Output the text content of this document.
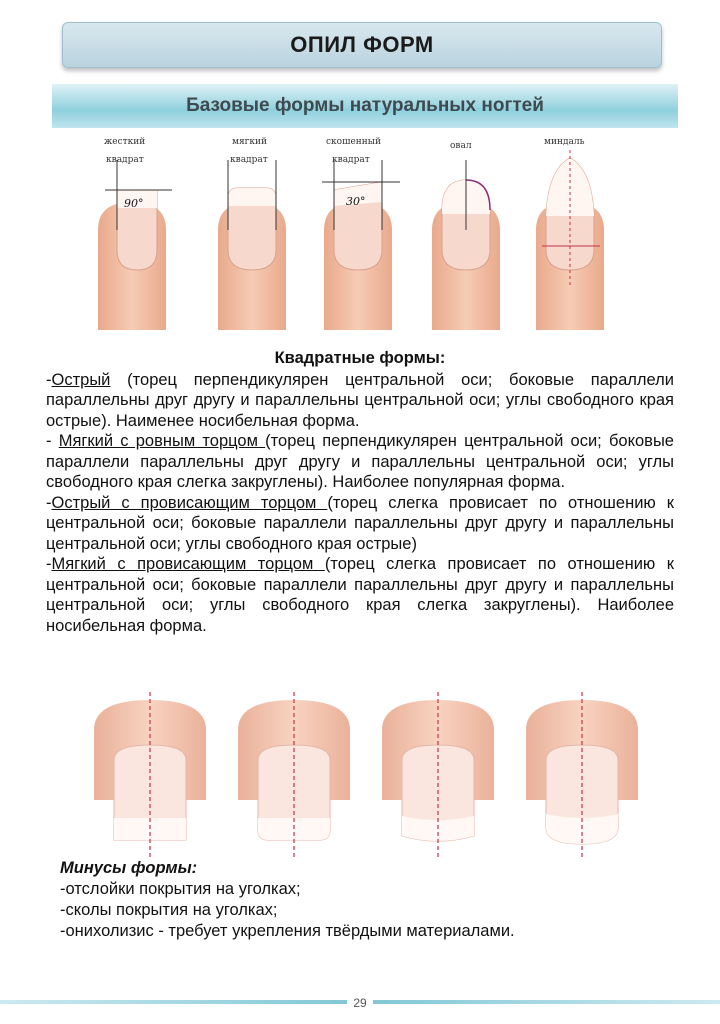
ОПИЛ ФОРМ
Базовые формы натуральных ногтей
жесткий
квадрат
90°
мягкий
квадрат
скошенный
квадрат
30°
овал	миндаль
Квадратные формы:
-Острый (торец перпендикулярен центральной оси; боковые параллели параллельны друг другу и параллельны центральной оси; углы свободного края острые). Наименее носибельная форма.
- Мягкий с ровным торцом (торец перпендикулярен центральной оси; боковые параллели параллельны друг другу и параллельны центральной оси; углы свободного края слегка закруглены). Наиболее популярная форма.
-Острый с провисающим торцом (торец слегка провисает по отношению к центральной оси; боковые параллели параллельны друг другу и параллельны центральной оси; углы свободного края острые)
-Мягкий с провисающим торцом (торец слегка провисает по отношению к центральной оси; боковые параллели параллельны друг другу и параллельны центральной оси; углы свободного края слегка закруглены). Наиболее носибельная форма.
Минусы формы:
-отслойки покрытия на уголках;
-сколы покрытия на уголках;
-онихолизис - требует укрепления твёрдыми материалами.
29
